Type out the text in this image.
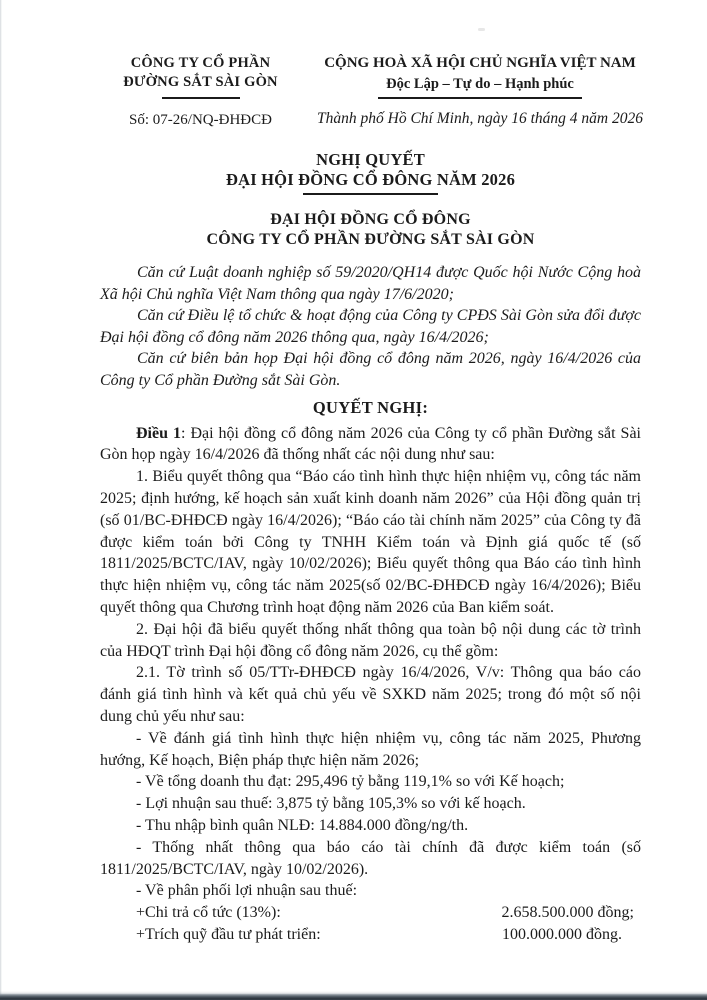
CÔNG TY CỔ PHẦN
ĐƯỜNG SẮT SÀI GÒN
Số: 07-26/NQ-ĐHĐCĐ
CỘNG HOÀ XÃ HỘI CHỦ NGHĨA VIỆT NAM
Độc Lập – Tự do – Hạnh phúc
Thành phố Hồ Chí Minh, ngày 16 tháng 4 năm 2026
NGHỊ QUYẾT
ĐẠI HỘI ĐỒNG CỔ ĐÔNG NĂM 2026
ĐẠI HỘI ĐỒNG CỔ ĐÔNG
CÔNG TY CỔ PHẦN ĐƯỜNG SẮT SÀI GÒN

Căn cứ Luật doanh nghiệp số 59/2020/QH14 được Quốc hội Nước Cộng hoà Xã hội Chủ nghĩa Việt Nam thông qua ngày 17/6/2020;

Căn cứ Điều lệ tổ chức & hoạt động của Công ty CPĐS Sài Gòn sửa đổi được Đại hội đồng cổ đông năm 2026 thông qua, ngày 16/4/2026;

Căn cứ biên bản họp Đại hội đồng cổ đông năm 2026, ngày 16/4/2026 của Công ty Cổ phần Đường sắt Sài Gòn.

QUYẾT NGHỊ:

Điều 1: Đại hội đồng cổ đông năm 2026 của Công ty cổ phần Đường sắt Sài Gòn họp ngày 16/4/2026 đã thống nhất các nội dung như sau:

1. Biểu quyết thông qua “Báo cáo tình hình thực hiện nhiệm vụ, công tác năm 2025; định hướng, kế hoạch sản xuất kinh doanh năm 2026” của Hội đồng quản trị (số 01/BC-ĐHĐCĐ ngày 16/4/2026); “Báo cáo tài chính năm 2025” của Công ty đã được kiểm toán bởi Công ty TNHH Kiểm toán và Định giá quốc tế (số 1811/2025/BCTC/IAV, ngày 10/02/2026); Biểu quyết thông qua Báo cáo tình hình thực hiện nhiệm vụ, công tác năm 2025(số 02/BC-ĐHĐCĐ ngày 16/4/2026); Biểu quyết thông qua Chương trình hoạt động năm 2026 của Ban kiểm soát.

2. Đại hội đã biểu quyết thống nhất thông qua toàn bộ nội dung các tờ trình của HĐQT trình Đại hội đồng cổ đông năm 2026, cụ thể gồm:

2.1. Tờ trình số 05/TTr-ĐHĐCĐ ngày 16/4/2026, V/v: Thông qua báo cáo đánh giá tình hình và kết quả chủ yếu về SXKD năm 2025; trong đó một số nội dung chủ yếu như sau:

- Về đánh giá tình hình thực hiện nhiệm vụ, công tác năm 2025, Phương hướng, Kế hoạch, Biện pháp thực hiện năm 2026;

- Về tổng doanh thu đạt: 295,496 tỷ bằng 119,1% so với Kế hoạch;

- Lợi nhuận sau thuế: 3,875 tỷ bằng 105,3% so với kế hoạch.

- Thu nhập bình quân NLĐ: 14.884.000 đồng/ng/th.

- Thống nhất thông qua báo cáo tài chính đã được kiểm toán (số 1811/2025/BCTC/IAV, ngày 10/02/2026).

- Về phân phối lợi nhuận sau thuế:

+Chi trả cổ tức (13%):	2.658.500.000 đồng;
+Trích quỹ đầu tư phát triển:	100.000.000 đồng.
